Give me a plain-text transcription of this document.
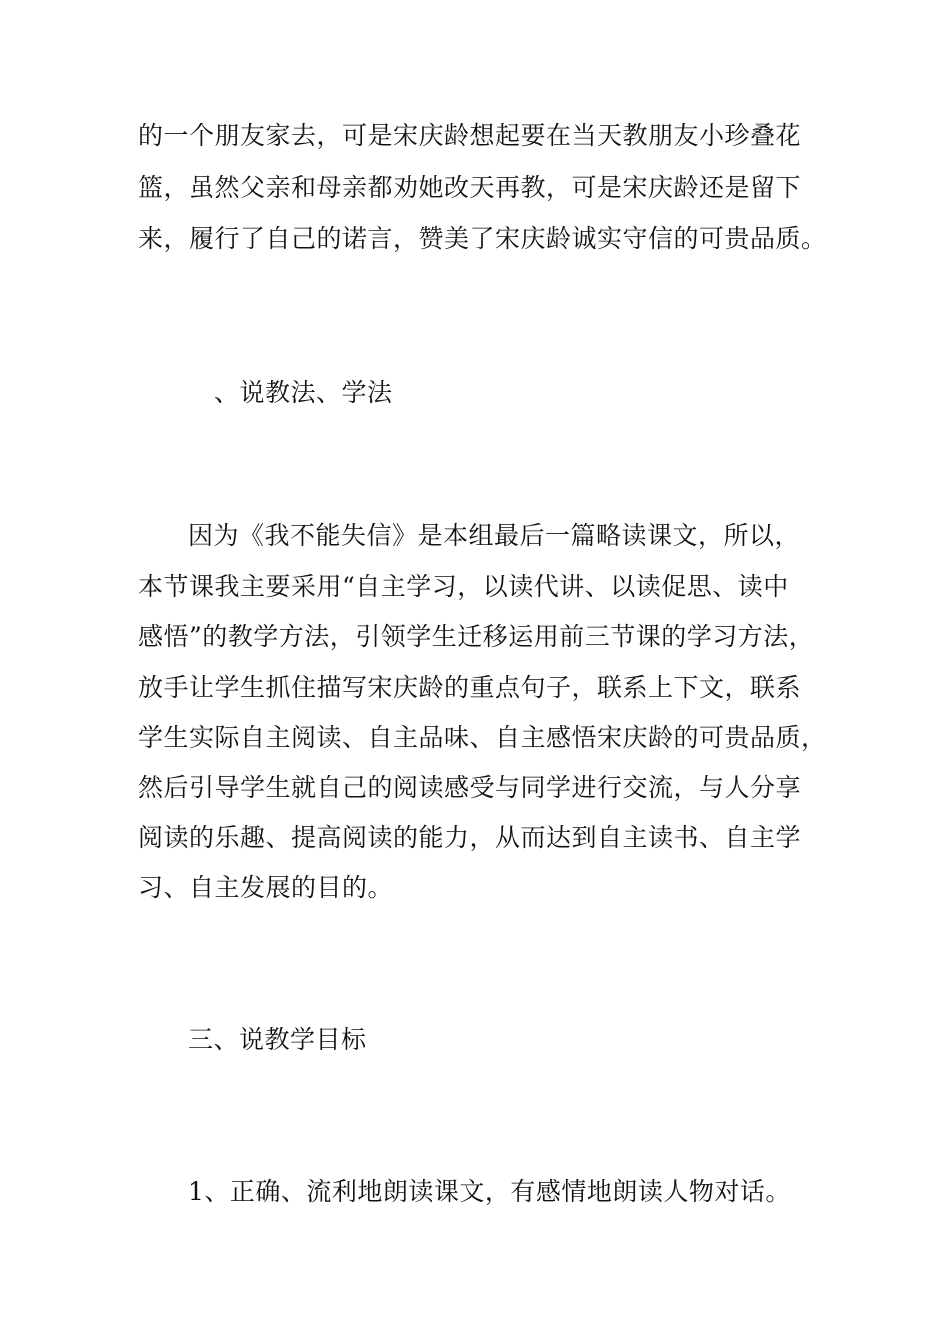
的一个朋友家去，可是宋庆龄想起要在当天教朋友小珍叠花
篮，虽然父亲和母亲都劝她改天再教，可是宋庆龄还是留下
来，履行了自己的诺言，赞美了宋庆龄诚实守信的可贵品质。
、说教法、学法
因为《我不能失信》是本组最后一篇略读课文，所以，
本节课我主要采用“自主学习，以读代讲、以读促思、读中
感悟”的教学方法，引领学生迁移运用前三节课的学习方法，
放手让学生抓住描写宋庆龄的重点句子，联系上下文，联系
学生实际自主阅读、自主品味、自主感悟宋庆龄的可贵品质，
然后引导学生就自己的阅读感受与同学进行交流，与人分享
阅读的乐趣、提高阅读的能力，从而达到自主读书、自主学
习、自主发展的目的。
三、说教学目标
1、正确、流利地朗读课文，有感情地朗读人物对话。
